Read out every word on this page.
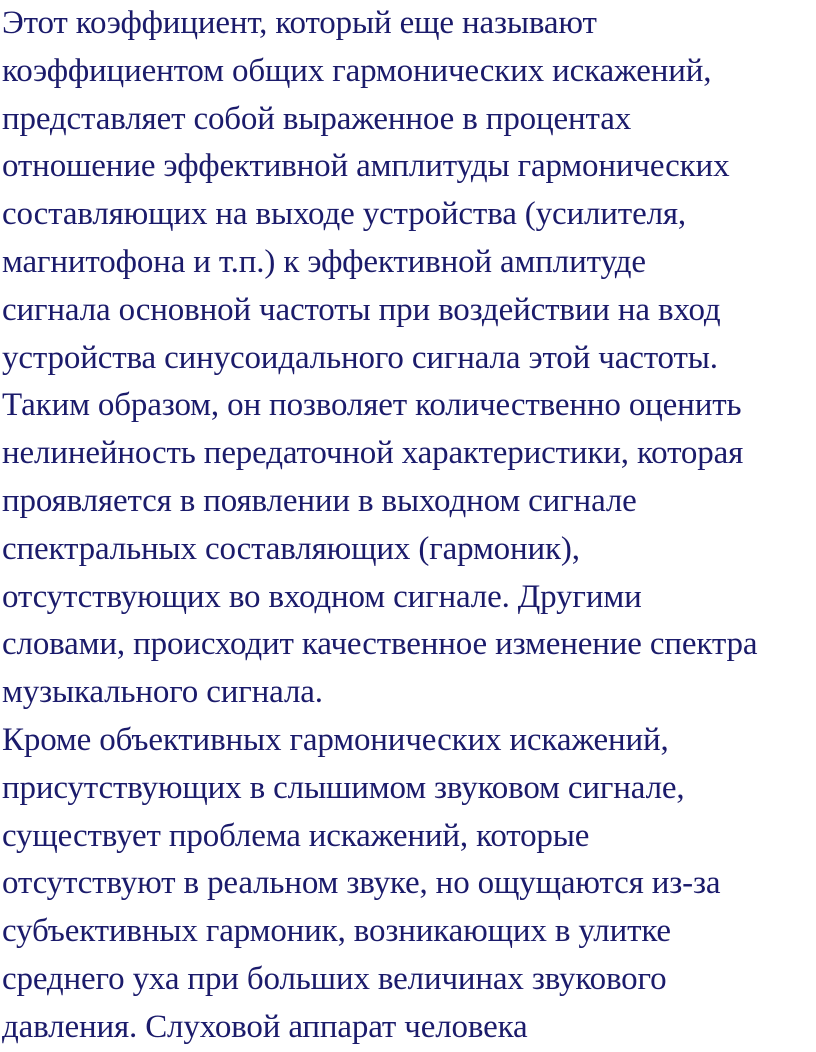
Этот коэффициент, который еще называют
коэффициентом общих гармонических искажений,
представляет собой выраженное в процентах
отношение эффективной амплитуды гармонических
составляющих на выходе устройства (усилителя,
магнитофона и т.п.) к эффективной амплитуде
сигнала основной частоты при воздействии на вход
устройства синусоидального сигнала этой частоты.
Таким образом, он позволяет количественно оценить
нелинейность передаточной характеристики, которая
проявляется в появлении в выходном сигнале
спектральных составляющих (гармоник),
отсутствующих во входном сигнале. Другими
словами, происходит качественное изменение спектра
музыкального сигнала.
Кроме объективных гармонических искажений,
присутствующих в слышимом звуковом сигнале,
существует проблема искажений, которые
отсутствуют в реальном звуке, но ощущаются из-за
субъективных гармоник, возникающих в улитке
среднего уха при больших величинах звукового
давления. Слуховой аппарат человека
